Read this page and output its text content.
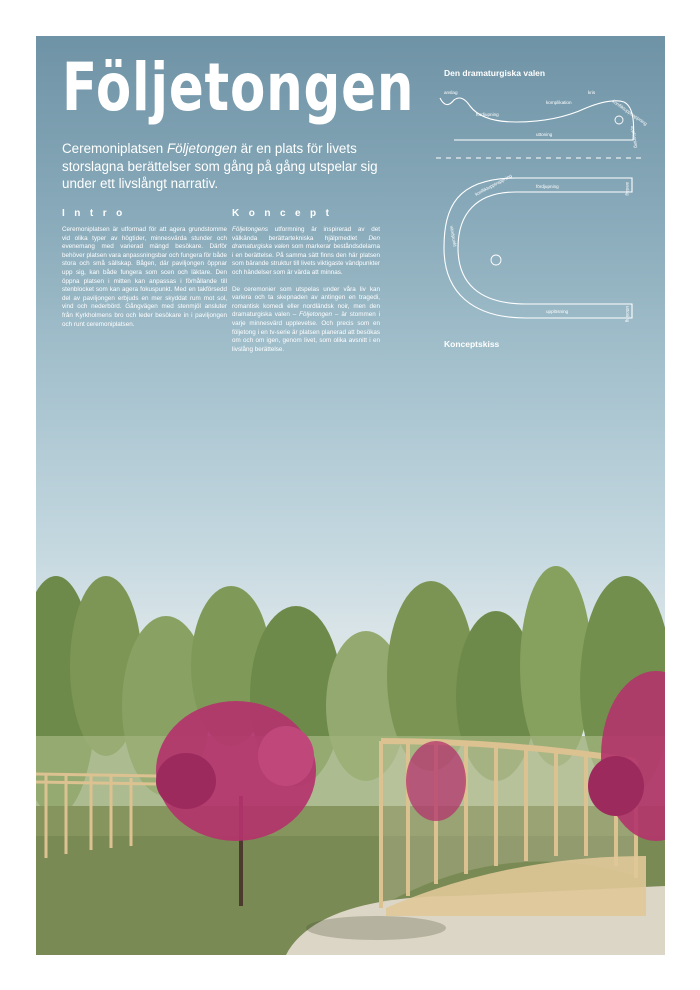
Följetongen

Ceremoniplatsen Följetongen är en plats för livets storslagna berättelser som gång på gång utspelar sig under ett livslångt narrativ.

Intro	Koncept

Ceremoniplatsen är utformad för att agera grundstomme vid olika typer av högtider, minnesvärda stunder och evenemang med varierad mängd besökare. Därför behöver platsen vara anpassningsbar och fungera för både stora och små sällskap. Bågen, där paviljongen öppnar upp sig, kan både fungera som scen och läktare. Den öppna platsen i mitten kan anpassas i förhållande till stenblocket som kan agera fokuspunkt. Med en takförsedd del av paviljongen erbjuds en mer skyddat rum mot sol, vind och nederbörd. Gångvägen med stenmjöl ansluter från Kyrkholmens bro och leder besökare in i paviljongen och runt ceremoniplatsen.

Följetongens utformning är inspirerad av det välkända berättartekniska hjälpmedlet Den dramaturgiska valen som markerar beståndsdelarna i en berättelse. På samma sätt finns den här platsen som bärande struktur till livets viktigaste vändpunkter och händelser som är värda att minnas.

De ceremonier som utspelas under våra liv kan variera och ta skepnaden av antingen en tragedi, romantisk komedi eller nordländsk noir, men den dramaturgiska valen – Följetongen – är stommen i varje minnesvärd upplevelse. Och precis som en följetong i en tv-serie är platsen planerad att besökas om och om igen, genom livet, som olika avsnitt i en livslång berättelse.

Den dramaturgiska valen
Konceptskiss
anslag
fördjupning
komplikation
kris
konfliktupptrappning
upplösning
uttoning
fördjupning
konfliktupptrappning
vändpunkt
upplösning
anslag
uttoning
